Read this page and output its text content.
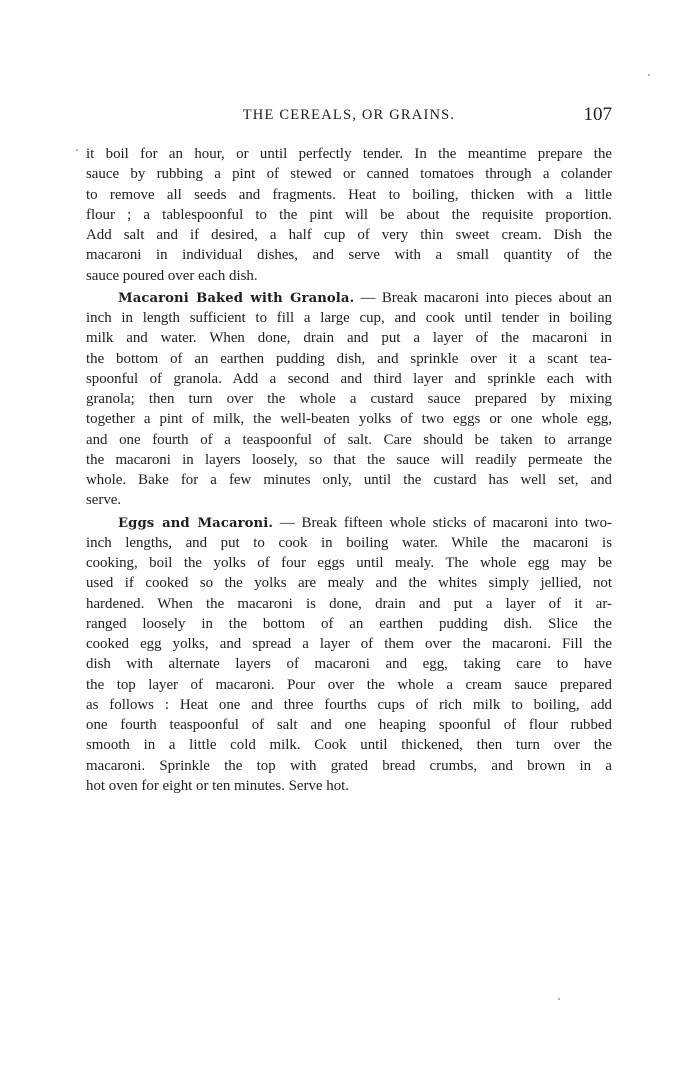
THE CEREALS, OR GRAINS.	107
it boil for an hour, or until perfectly tender. In the meantime prepare the
sauce by rubbing a pint of stewed or canned tomatoes through a colander
to remove all seeds and fragments. Heat to boiling, thicken with a little
flour ; a tablespoonful to the pint will be about the requisite proportion.
Add salt and if desired, a half cup of very thin sweet cream. Dish the
macaroni in individual dishes, and serve with a small quantity of the
sauce poured over each dish.
Macaroni Baked with Granola. — Break macaroni into pieces about an
inch in length sufficient to fill a large cup, and cook until tender in boiling
milk and water. When done, drain and put a layer of the macaroni in
the bottom of an earthen pudding dish, and sprinkle over it a scant tea-
spoonful of granola. Add a second and third layer and sprinkle each with
granola; then turn over the whole a custard sauce prepared by mixing
together a pint of milk, the well-beaten yolks of two eggs or one whole egg,
and one fourth of a teaspoonful of salt. Care should be taken to arrange
the macaroni in layers loosely, so that the sauce will readily permeate the
whole. Bake for a few minutes only, until the custard has well set, and
serve.
Eggs and Macaroni. — Break fifteen whole sticks of macaroni into two-
inch lengths, and put to cook in boiling water. While the macaroni is
cooking, boil the yolks of four eggs until mealy. The whole egg may be
used if cooked so the yolks are mealy and the whites simply jellied, not
hardened. When the macaroni is done, drain and put a layer of it ar-
ranged loosely in the bottom of an earthen pudding dish. Slice the
cooked egg yolks, and spread a layer of them over the macaroni. Fill the
dish with alternate layers of macaroni and egg, taking care to have
the top layer of macaroni. Pour over the whole a cream sauce prepared
as follows : Heat one and three fourths cups of rich milk to boiling, add
one fourth teaspoonful of salt and one heaping spoonful of flour rubbed
smooth in a little cold milk. Cook until thickened, then turn over the
macaroni. Sprinkle the top with grated bread crumbs, and brown in a
hot oven for eight or ten minutes. Serve hot.
